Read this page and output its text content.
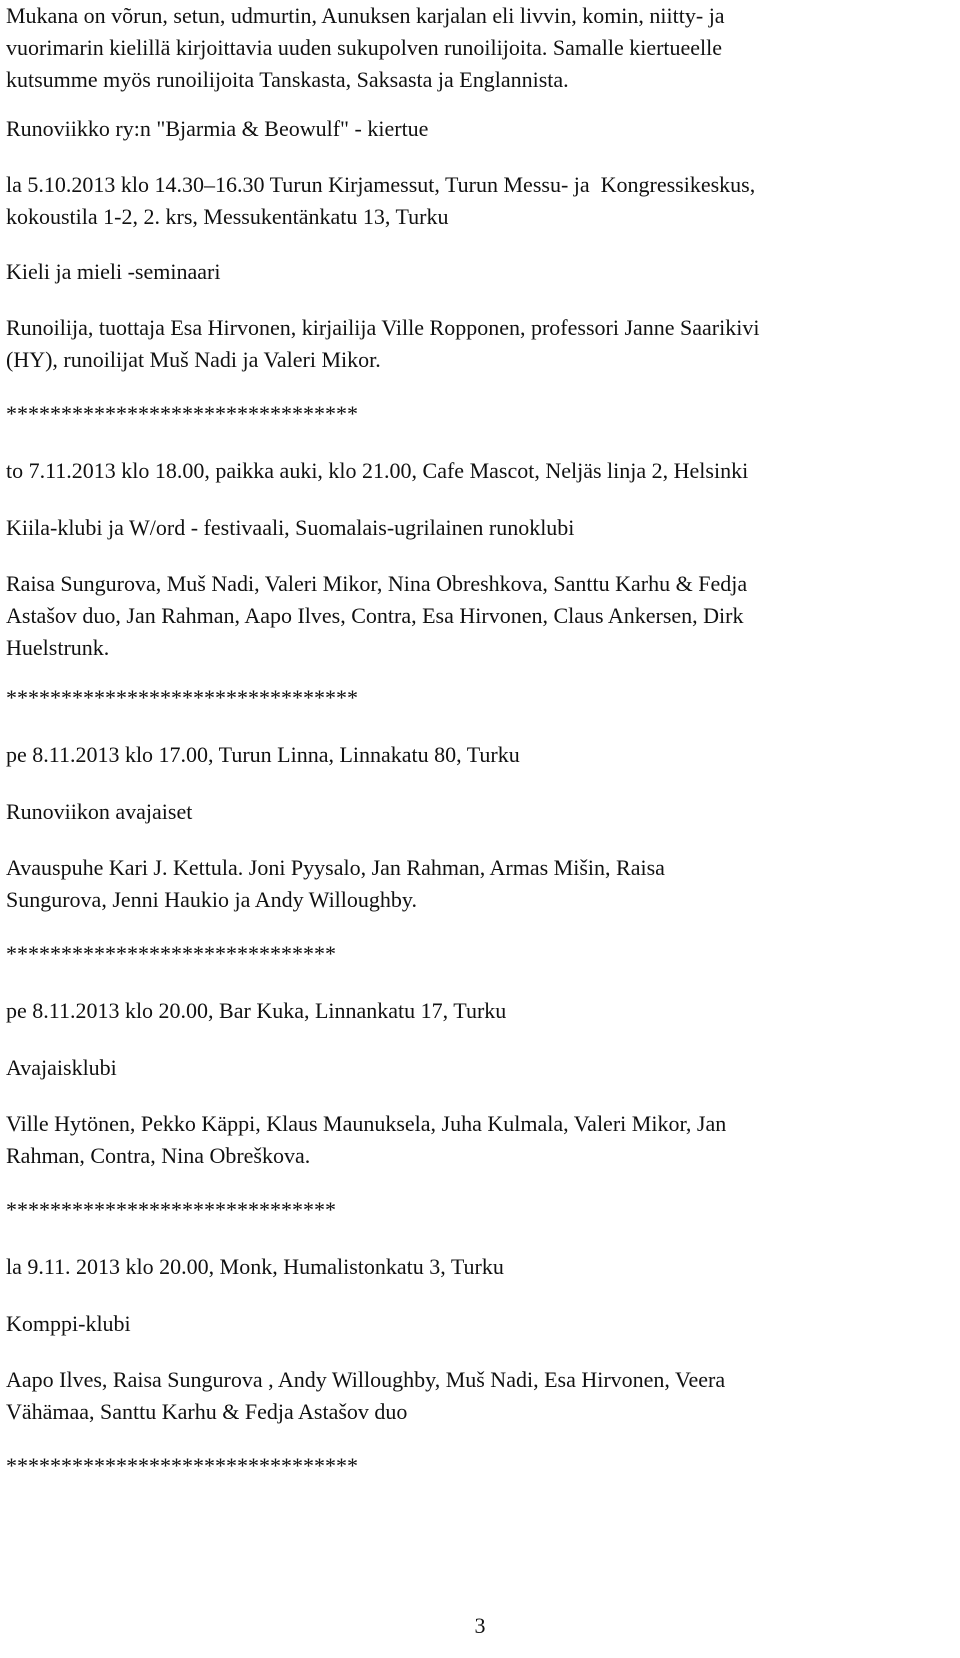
Mukana on võrun, setun, udmurtin, Aunuksen karjalan eli livvin, komin, niitty- ja
vuorimarin kielillä kirjoittavia uuden sukupolven runoilijoita. Samalle kiertueelle
kutsumme myös runoilijoita Tanskasta, Saksasta ja Englannista.
Runoviikko ry:n "Bjarmia & Beowulf" - kiertue
la 5.10.2013 klo 14.30–16.30 Turun Kirjamessut, Turun Messu- ja  Kongressikeskus,
kokoustila 1-2, 2. krs, Messukentänkatu 13, Turku
Kieli ja mieli -seminaari
Runoilija, tuottaja Esa Hirvonen, kirjailija Ville Ropponen, professori Janne Saarikivi
(HY), runoilijat Muš Nadi ja Valeri Mikor.
********************************
to 7.11.2013 klo 18.00, paikka auki, klo 21.00, Cafe Mascot, Neljäs linja 2, Helsinki
Kiila-klubi ja W/ord - festivaali, Suomalais-ugrilainen runoklubi
Raisa Sungurova, Muš Nadi, Valeri Mikor, Nina Obreshkova, Santtu Karhu & Fedja
Astašov duo, Jan Rahman, Aapo Ilves, Contra, Esa Hirvonen, Claus Ankersen, Dirk
Huelstrunk.
********************************
pe 8.11.2013 klo 17.00, Turun Linna, Linnakatu 80, Turku
Runoviikon avajaiset
Avauspuhe Kari J. Kettula. Joni Pyysalo, Jan Rahman, Armas Mišin, Raisa
Sungurova, Jenni Haukio ja Andy Willoughby.
******************************
pe 8.11.2013 klo 20.00, Bar Kuka, Linnankatu 17, Turku
Avajaisklubi
Ville Hytönen, Pekko Käppi, Klaus Maunuksela, Juha Kulmala, Valeri Mikor, Jan
Rahman, Contra, Nina Obreškova.
******************************
la 9.11. 2013 klo 20.00, Monk, Humalistonkatu 3, Turku
Komppi-klubi
Aapo Ilves, Raisa Sungurova , Andy Willoughby, Muš Nadi, Esa Hirvonen, Veera
Vähämaa, Santtu Karhu & Fedja Astašov duo
********************************
3
